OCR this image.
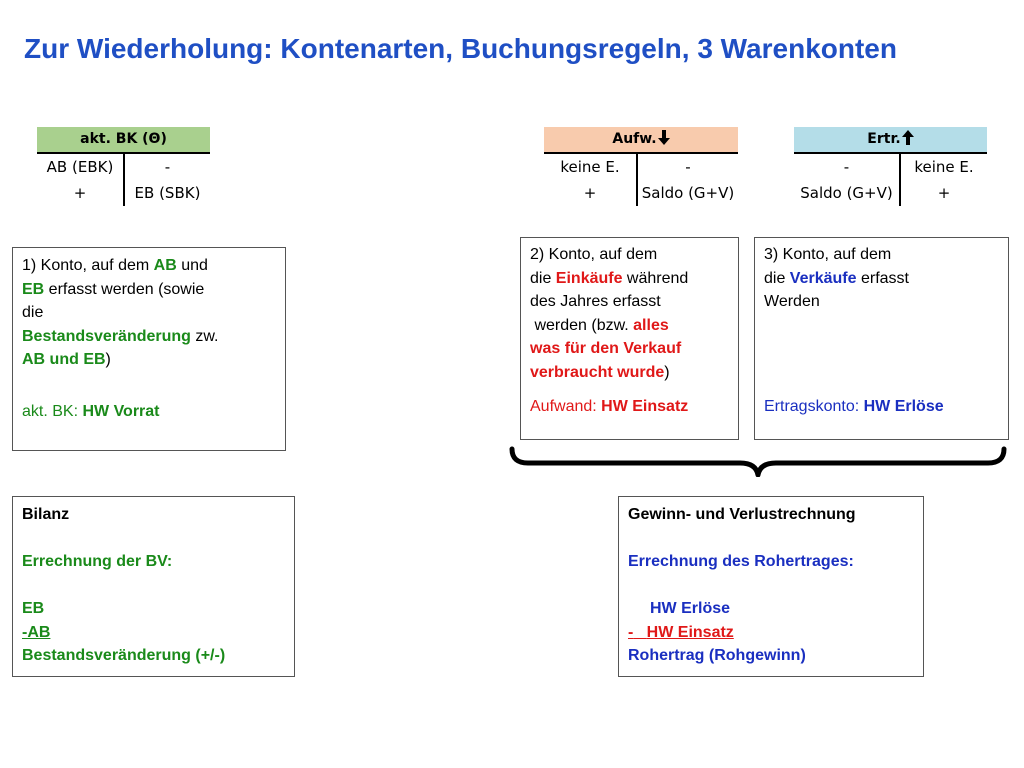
Zur Wiederholung: Kontenarten, Buchungsregeln, 3 Warenkonten
akt. BK (Θ)
AB (EBK)	-
+	EB (SBK)
Aufw.
keine E.	-
+	Saldo (G+V)
Ertr.
-	keine E.
Saldo (G+V)	+
1) Konto, auf dem AB und
EB erfasst werden (sowie
die
Bestandsveränderung zw.
AB und EB)
akt. BK: HW Vorrat
2) Konto, auf dem
die Einkäufe während
des Jahres erfasst
werden (bzw. alles
was für den Verkauf
verbraucht wurde)
Aufwand: HW Einsatz
3) Konto, auf dem
die Verkäufe erfasst
Werden
Ertragskonto: HW Erlöse
Bilanz
Errechnung der BV:
EB
-AB
Bestandsveränderung (+/-)
Gewinn- und Verlustrechnung
Errechnung des Rohertrages:
HW Erlöse
- HW Einsatz
Rohertrag (Rohgewinn)
